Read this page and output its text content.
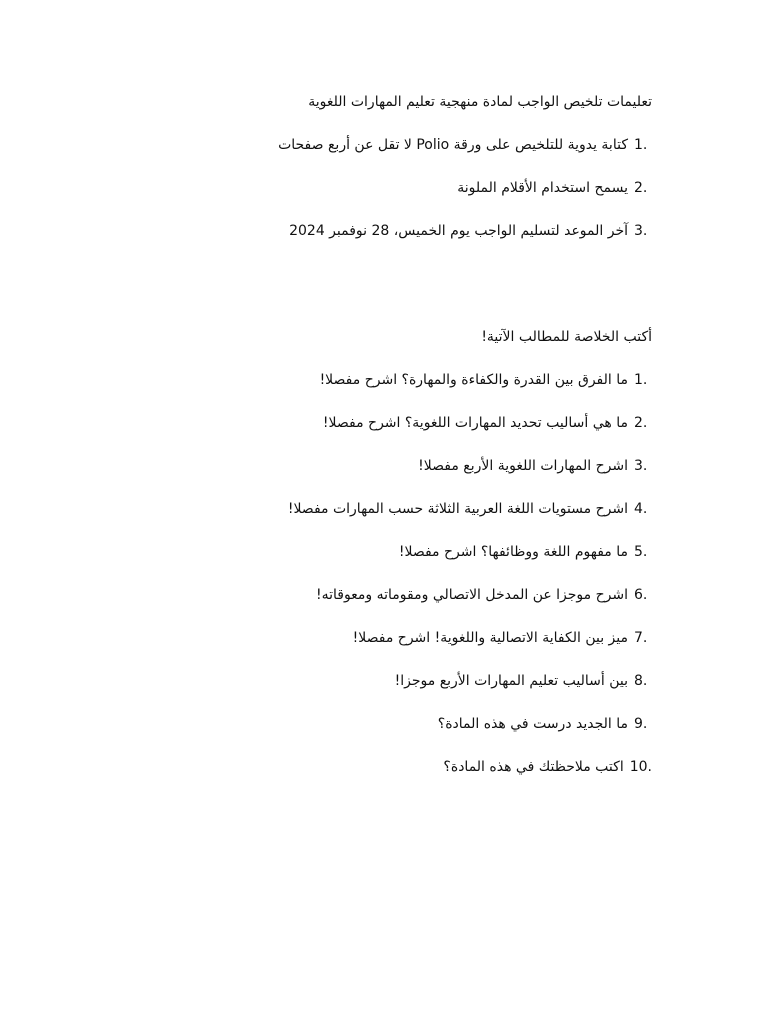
تعليمات تلخيص الواجب لمادة منهجية تعليم المهارات اللغوية
1 .
كتابة يدوية للتلخيص على ورقة Polio لا تقل عن أربع صفحات
2 .
يسمح استخدام الأقلام الملونة
3 .
آخر الموعد لتسليم الواجب يوم الخميس، 28 نوفمبر 2024
أكتب الخلاصة للمطالب الآتية!
1 .
ما الفرق بين القدرة والكفاءة والمهارة؟ اشرح مفصلا!
2 .
ما هي أساليب تحديد المهارات اللغوية؟ اشرح مفصلا!
3 .
اشرح المهارات اللغوية الأربع مفصلا!
4 .
اشرح مستويات اللغة العربية الثلاثة حسب المهارات مفصلا!
5 .
ما مفهوم اللغة ووظائفها؟ اشرح مفصلا!
6 .
اشرح موجزا عن المدخل الاتصالي ومقوماته ومعوقاته!
7 .
ميز بين الكفاية الاتصالية واللغوية! اشرح مفصلا!
8 .
بين أساليب تعليم المهارات الأربع موجزا!
9 .
ما الجديد درست في هذه المادة؟
10 .
اكتب ملاحظتك في هذه المادة؟
